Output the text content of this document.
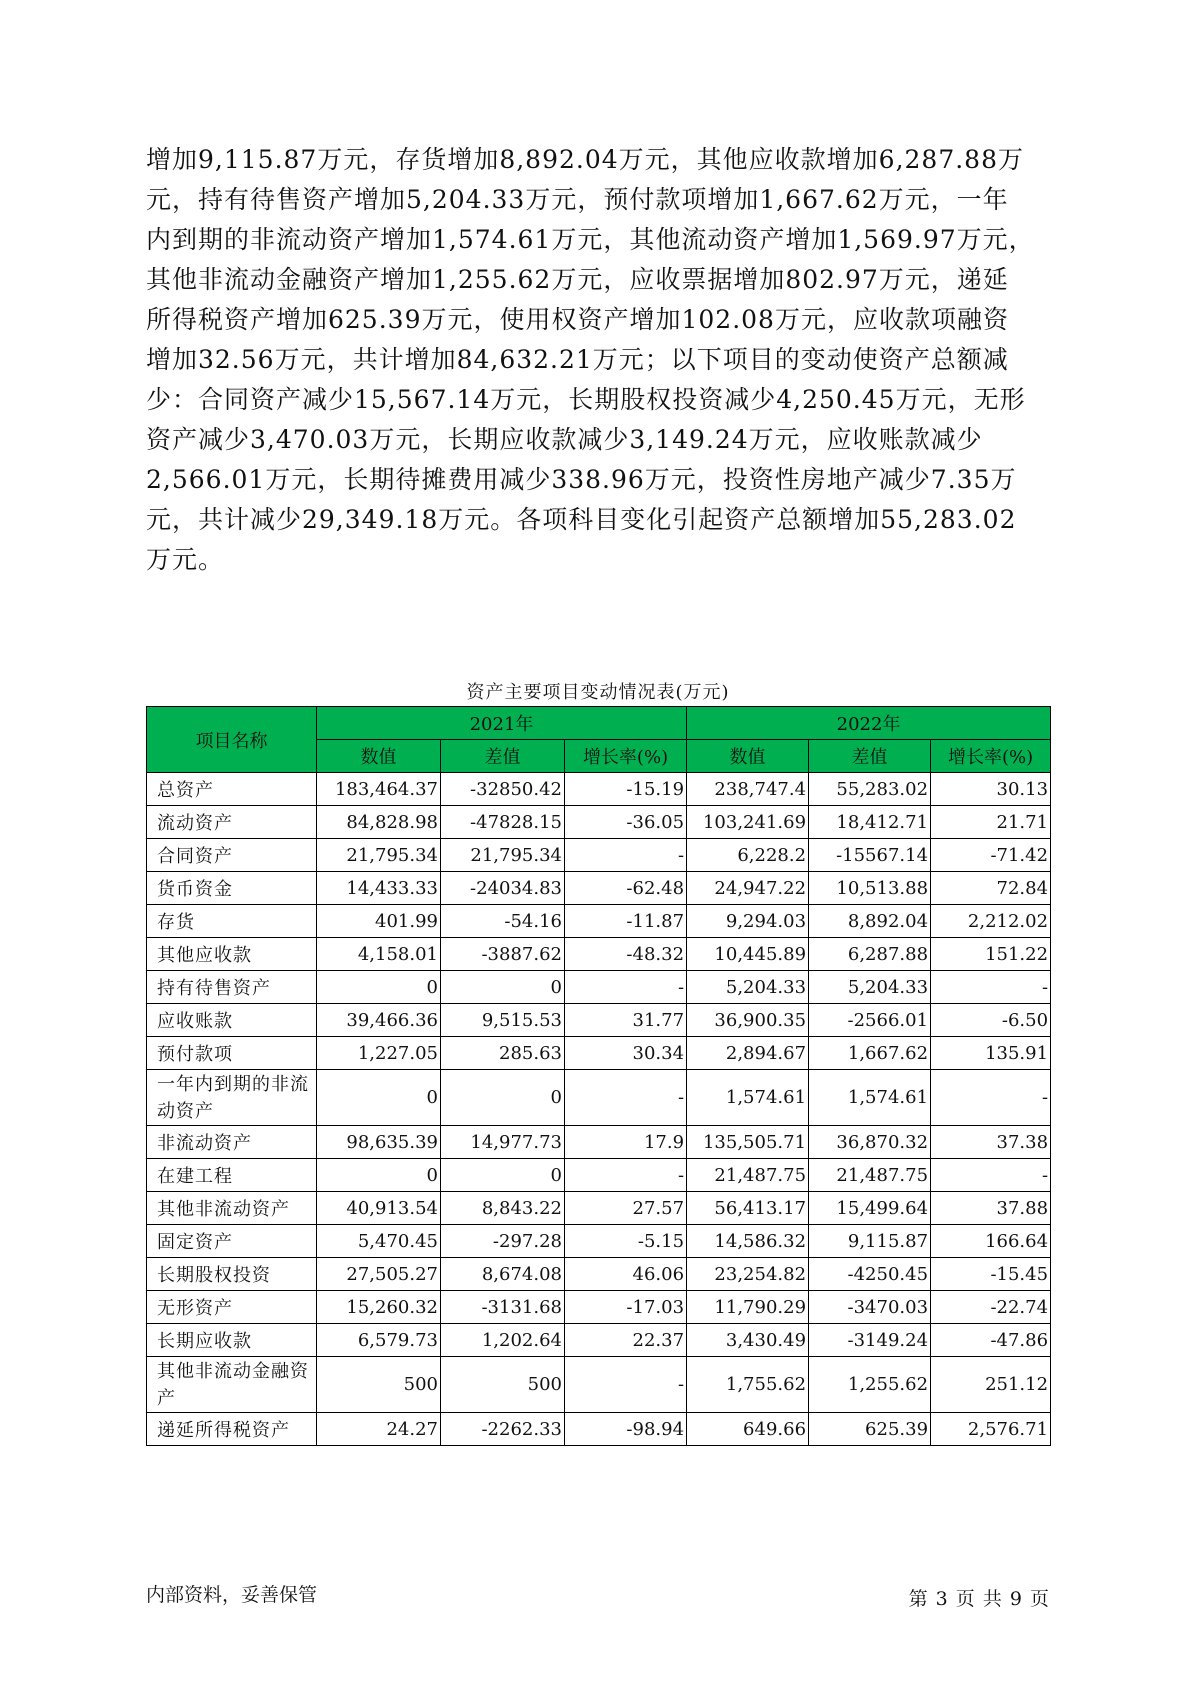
增加9,115.87万元，存货增加8,892.04万元，其他应收款增加6,287.88万
元，持有待售资产增加5,204.33万元，预付款项增加1,667.62万元，一年
内到期的非流动资产增加1,574.61万元，其他流动资产增加1,569.97万元，
其他非流动金融资产增加1,255.62万元，应收票据增加802.97万元，递延
所得税资产增加625.39万元，使用权资产增加102.08万元，应收款项融资
增加32.56万元，共计增加84,632.21万元；以下项目的变动使资产总额减
少：合同资产减少15,567.14万元，长期股权投资减少4,250.45万元，无形
资产减少3,470.03万元，长期应收款减少3,149.24万元，应收账款减少
2,566.01万元，长期待摊费用减少338.96万元，投资性房地产减少7.35万
元，共计减少29,349.18万元。各项科目变化引起资产总额增加55,283.02
万元。
资产主要项目变动情况表(万元)
项目名称	2021年			2022年		
	数值	差值	增长率(%)	数值	差值	增长率(%)
总资产	183,464.37	-32850.42	-15.19	238,747.4	55,283.02	30.13
流动资产	84,828.98	-47828.15	-36.05	103,241.69	18,412.71	21.71
合同资产	21,795.34	21,795.34	-	6,228.2	-15567.14	-71.42
货币资金	14,433.33	-24034.83	-62.48	24,947.22	10,513.88	72.84
存货	401.99	-54.16	-11.87	9,294.03	8,892.04	2,212.02
其他应收款	4,158.01	-3887.62	-48.32	10,445.89	6,287.88	151.22
持有待售资产	0	0	-	5,204.33	5,204.33	-
应收账款	39,466.36	9,515.53	31.77	36,900.35	-2566.01	-6.50
预付款项	1,227.05	285.63	30.34	2,894.67	1,667.62	135.91
一年内到期的非流动资产	0	0	-	1,574.61	1,574.61	-
非流动资产	98,635.39	14,977.73	17.9	135,505.71	36,870.32	37.38
在建工程	0	0	-	21,487.75	21,487.75	-
其他非流动资产	40,913.54	8,843.22	27.57	56,413.17	15,499.64	37.88
固定资产	5,470.45	-297.28	-5.15	14,586.32	9,115.87	166.64
长期股权投资	27,505.27	8,674.08	46.06	23,254.82	-4250.45	-15.45
无形资产	15,260.32	-3131.68	-17.03	11,790.29	-3470.03	-22.74
长期应收款	6,579.73	1,202.64	22.37	3,430.49	-3149.24	-47.86
其他非流动金融资产	500	500	-	1,755.62	1,255.62	251.12
递延所得税资产	24.27	-2262.33	-98.94	649.66	625.39	2,576.71
内部资料，妥善保管	第 3 页 共 9 页
